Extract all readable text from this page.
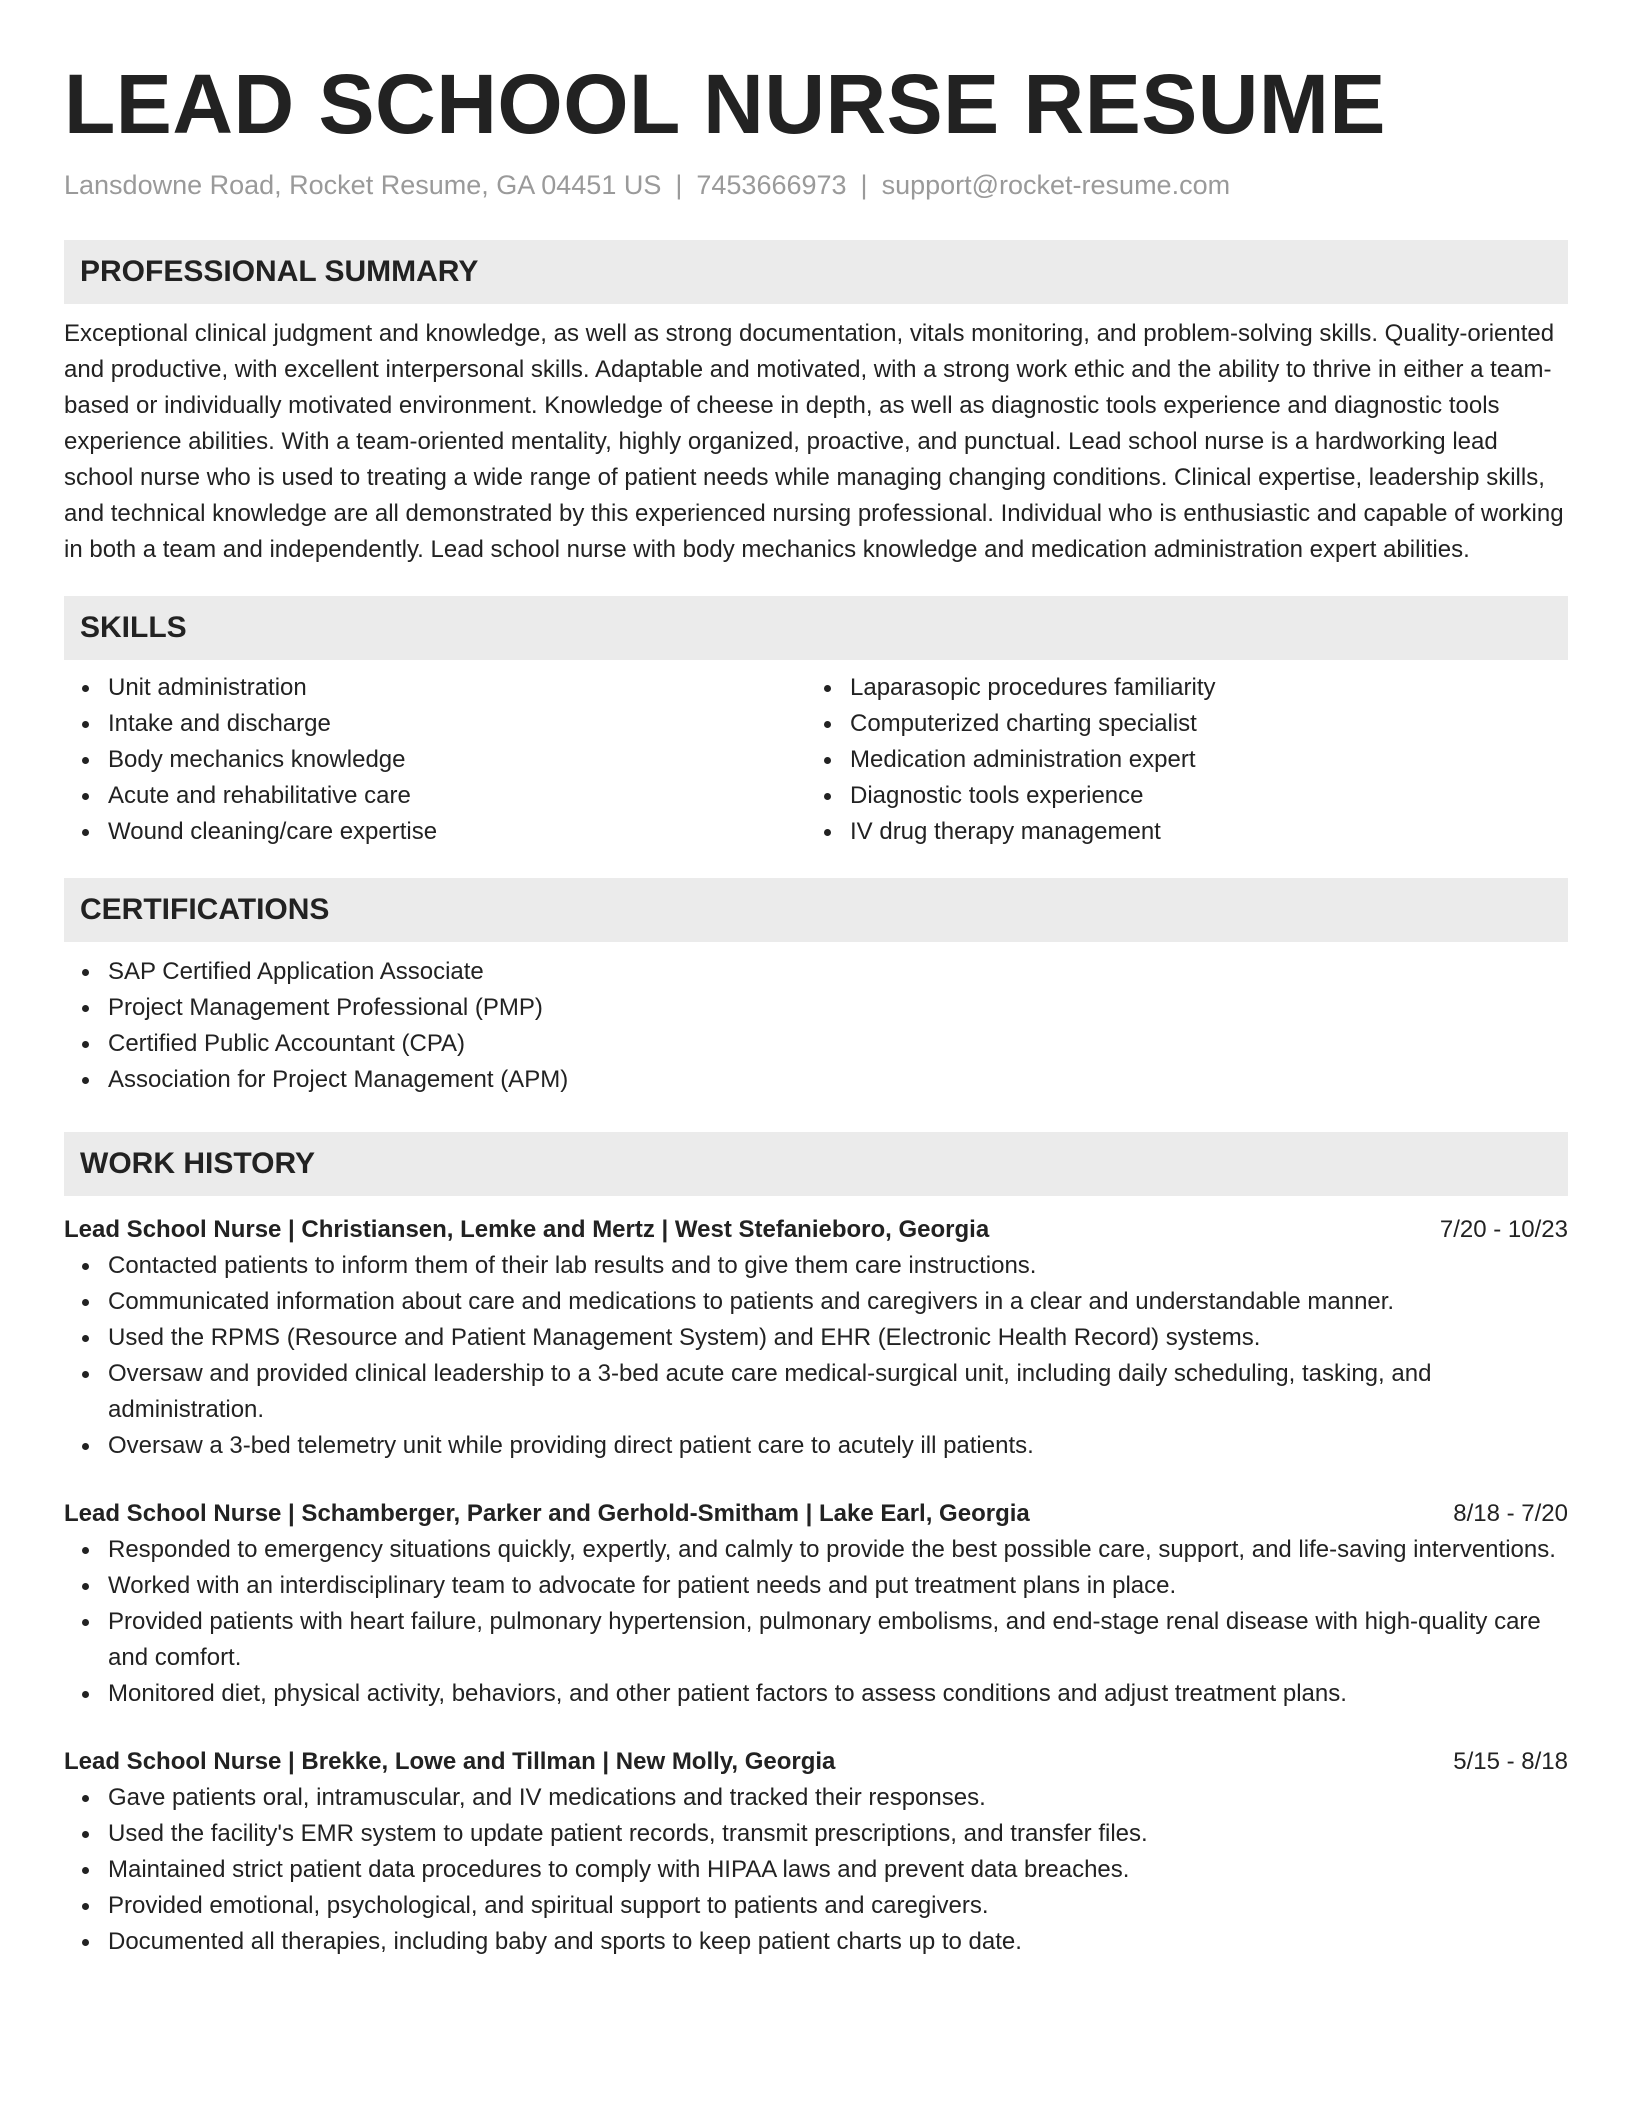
LEAD SCHOOL NURSE RESUME
Lansdowne Road, Rocket Resume, GA 04451 US | 7453666973 | support@rocket-resume.com
PROFESSIONAL SUMMARY
Exceptional clinical judgment and knowledge, as well as strong documentation, vitals monitoring, and problem-solving skills. Quality-oriented and productive, with excellent interpersonal skills. Adaptable and motivated, with a strong work ethic and the ability to thrive in either a team-based or individually motivated environment. Knowledge of cheese in depth, as well as diagnostic tools experience and diagnostic tools experience abilities. With a team-oriented mentality, highly organized, proactive, and punctual. Lead school nurse is a hardworking lead school nurse who is used to treating a wide range of patient needs while managing changing conditions. Clinical expertise, leadership skills, and technical knowledge are all demonstrated by this experienced nursing professional. Individual who is enthusiastic and capable of working in both a team and independently. Lead school nurse with body mechanics knowledge and medication administration expert abilities.
SKILLS
Unit administration
Intake and discharge
Body mechanics knowledge
Acute and rehabilitative care
Wound cleaning/care expertise
Laparasopic procedures familiarity
Computerized charting specialist
Medication administration expert
Diagnostic tools experience
IV drug therapy management
CERTIFICATIONS
SAP Certified Application Associate
Project Management Professional (PMP)
Certified Public Accountant (CPA)
Association for Project Management (APM)
WORK HISTORY
Lead School Nurse | Christiansen, Lemke and Mertz | West Stefanieboro, Georgia	7/20 - 10/23
Contacted patients to inform them of their lab results and to give them care instructions.
Communicated information about care and medications to patients and caregivers in a clear and understandable manner.
Used the RPMS (Resource and Patient Management System) and EHR (Electronic Health Record) systems.
Oversaw and provided clinical leadership to a 3-bed acute care medical-surgical unit, including daily scheduling, tasking, and administration.
Oversaw a 3-bed telemetry unit while providing direct patient care to acutely ill patients.
Lead School Nurse | Schamberger, Parker and Gerhold-Smitham | Lake Earl, Georgia	8/18 - 7/20
Responded to emergency situations quickly, expertly, and calmly to provide the best possible care, support, and life-saving interventions.
Worked with an interdisciplinary team to advocate for patient needs and put treatment plans in place.
Provided patients with heart failure, pulmonary hypertension, pulmonary embolisms, and end-stage renal disease with high-quality care and comfort.
Monitored diet, physical activity, behaviors, and other patient factors to assess conditions and adjust treatment plans.
Lead School Nurse | Brekke, Lowe and Tillman | New Molly, Georgia	5/15 - 8/18
Gave patients oral, intramuscular, and IV medications and tracked their responses.
Used the facility's EMR system to update patient records, transmit prescriptions, and transfer files.
Maintained strict patient data procedures to comply with HIPAA laws and prevent data breaches.
Provided emotional, psychological, and spiritual support to patients and caregivers.
Documented all therapies, including baby and sports to keep patient charts up to date.
